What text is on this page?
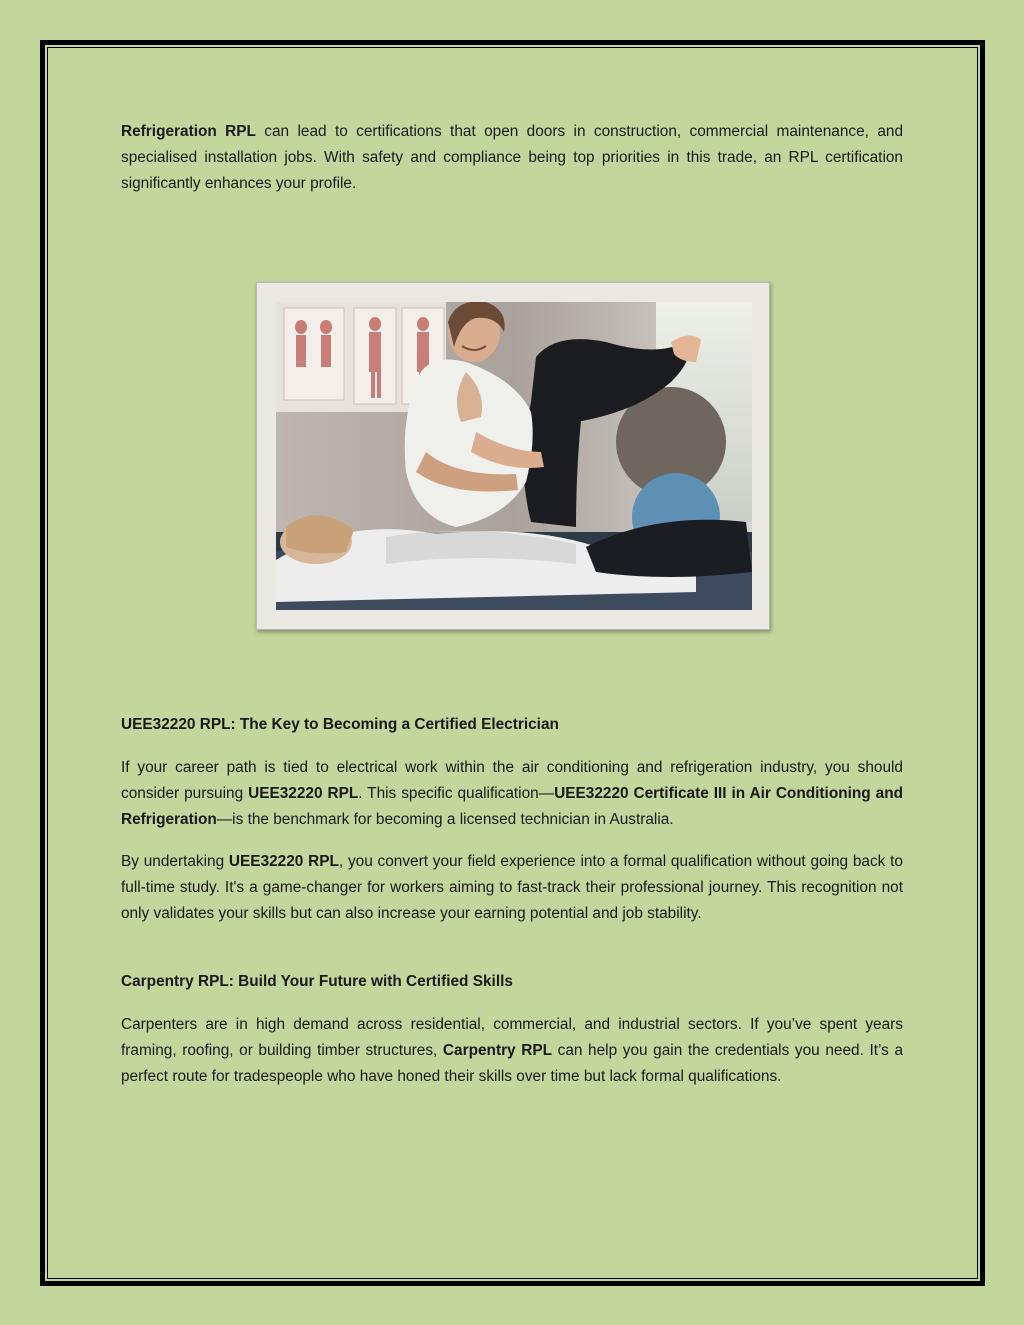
Refrigeration RPL can lead to certifications that open doors in construction, commercial maintenance, and specialised installation jobs. With safety and compliance being top priorities in this trade, an RPL certification significantly enhances your profile.

UEE32220 RPL: The Key to Becoming a Certified Electrician

If your career path is tied to electrical work within the air conditioning and refrigeration industry, you should consider pursuing UEE32220 RPL. This specific qualification—UEE32220 Certificate III in Air Conditioning and Refrigeration—is the benchmark for becoming a licensed technician in Australia.

By undertaking UEE32220 RPL, you convert your field experience into a formal qualification without going back to full-time study. It's a game-changer for workers aiming to fast-track their professional journey. This recognition not only validates your skills but can also increase your earning potential and job stability.

Carpentry RPL: Build Your Future with Certified Skills

Carpenters are in high demand across residential, commercial, and industrial sectors. If you’ve spent years framing, roofing, or building timber structures, Carpentry RPL can help you gain the credentials you need. It’s a perfect route for tradespeople who have honed their skills over time but lack formal qualifications.
